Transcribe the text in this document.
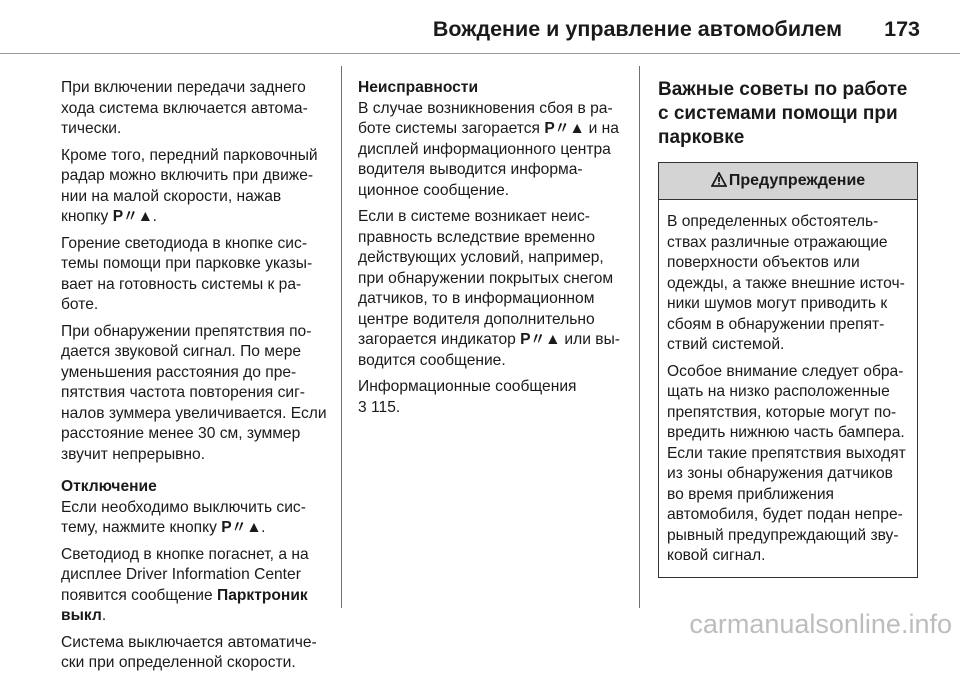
Вождение и управление автомобилем 173

При включении передачи заднего хода система включается автоматически.

Кроме того, передний парковочный радар можно включить при движении на малой скорости, нажав кнопку P〃▲.

Горение светодиода в кнопке системы помощи при парковке указывает на готовность системы к работе.

При обнаружении препятствия подается звуковой сигнал. По мере уменьшения расстояния до препятствия частота повторения сигналов зуммера увеличивается. Если расстояние менее 30 см, зуммер звучит непрерывно.

Отключение

Если необходимо выключить систему, нажмите кнопку P〃▲.

Светодиод в кнопке погаснет, а на дисплее Driver Information Center появится сообщение Парктроник выкл.

Система выключается автоматически при определенной скорости.

Неисправности

В случае возникновения сбоя в работе системы загорается P〃▲ и на дисплей информационного центра водителя выводится информационное сообщение.

Если в системе возникает неисправность вследствие временно действующих условий, например, при обнаружении покрытых снегом датчиков, то в информационном центре водителя дополнительно загорается индикатор P〃▲ или выводится сообщение.

Информационные сообщения
3 115.

Важные советы по работе с системами помощи при парковке
Предупреждение

В определенных обстоятельствах различные отражающие поверхности объектов или одежды, а также внешние источники шумов могут приводить к сбоям в обнаружении препятствий системой.

Особое внимание следует обращать на низко расположенные препятствия, которые могут повредить нижнюю часть бампера. Если такие препятствия выходят из зоны обнаружения датчиков во время приближения автомобиля, будет подан непрерывный предупреждающий звуковой сигнал.

carmanualsonline.info
